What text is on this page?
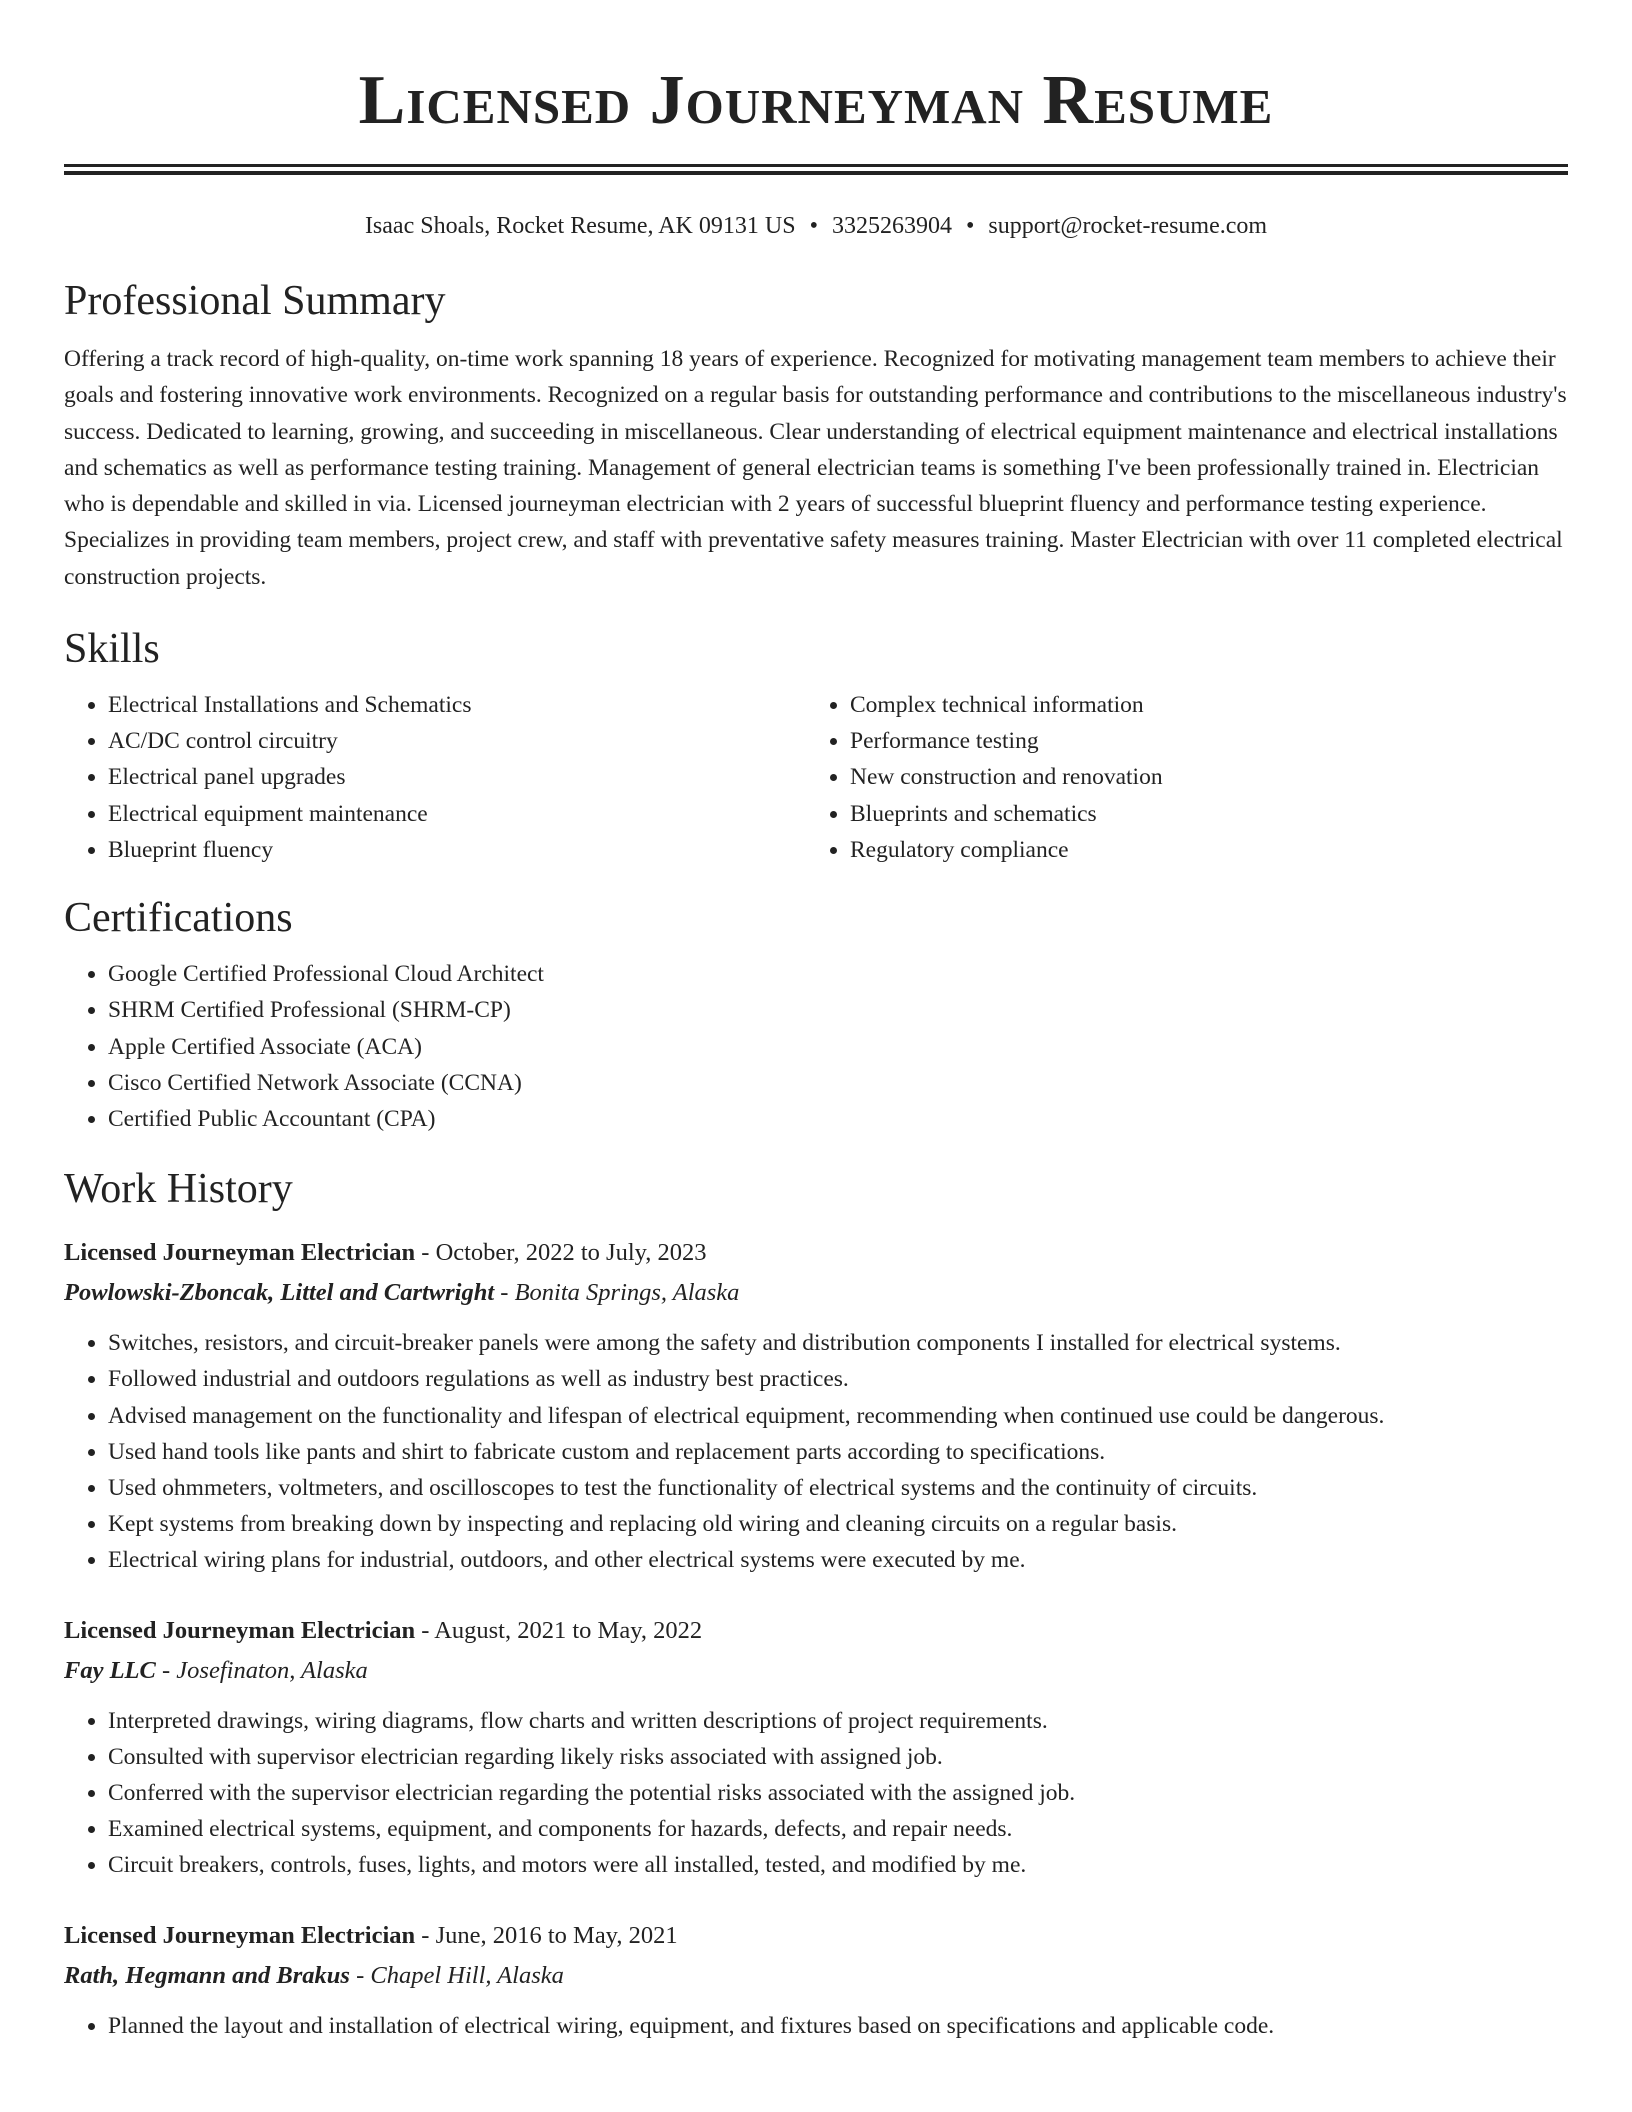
Licensed Journeyman Resume
Isaac Shoals, Rocket Resume, AK 09131 US • 3325263904 • support@rocket-resume.com
Professional Summary
Offering a track record of high-quality, on-time work spanning 18 years of experience. Recognized for motivating management team members to achieve their goals and fostering innovative work environments. Recognized on a regular basis for outstanding performance and contributions to the miscellaneous industry's success. Dedicated to learning, growing, and succeeding in miscellaneous. Clear understanding of electrical equipment maintenance and electrical installations and schematics as well as performance testing training. Management of general electrician teams is something I've been professionally trained in. Electrician who is dependable and skilled in via. Licensed journeyman electrician with 2 years of successful blueprint fluency and performance testing experience. Specializes in providing team members, project crew, and staff with preventative safety measures training. Master Electrician with over 11 completed electrical construction projects.
Skills
• Electrical Installations and Schematics
• AC/DC control circuitry
• Electrical panel upgrades
• Electrical equipment maintenance
• Blueprint fluency
• Complex technical information
• Performance testing
• New construction and renovation
• Blueprints and schematics
• Regulatory compliance
Certifications
• Google Certified Professional Cloud Architect
• SHRM Certified Professional (SHRM-CP)
• Apple Certified Associate (ACA)
• Cisco Certified Network Associate (CCNA)
• Certified Public Accountant (CPA)
Work History
Licensed Journeyman Electrician - October, 2022 to July, 2023
Powlowski-Zboncak, Littel and Cartwright - Bonita Springs, Alaska
• Switches, resistors, and circuit-breaker panels were among the safety and distribution components I installed for electrical systems.
• Followed industrial and outdoors regulations as well as industry best practices.
• Advised management on the functionality and lifespan of electrical equipment, recommending when continued use could be dangerous.
• Used hand tools like pants and shirt to fabricate custom and replacement parts according to specifications.
• Used ohmmeters, voltmeters, and oscilloscopes to test the functionality of electrical systems and the continuity of circuits.
• Kept systems from breaking down by inspecting and replacing old wiring and cleaning circuits on a regular basis.
• Electrical wiring plans for industrial, outdoors, and other electrical systems were executed by me.
Licensed Journeyman Electrician - August, 2021 to May, 2022
Fay LLC - Josefinaton, Alaska
• Interpreted drawings, wiring diagrams, flow charts and written descriptions of project requirements.
• Consulted with supervisor electrician regarding likely risks associated with assigned job.
• Conferred with the supervisor electrician regarding the potential risks associated with the assigned job.
• Examined electrical systems, equipment, and components for hazards, defects, and repair needs.
• Circuit breakers, controls, fuses, lights, and motors were all installed, tested, and modified by me.
Licensed Journeyman Electrician - June, 2016 to May, 2021
Rath, Hegmann and Brakus - Chapel Hill, Alaska
• Planned the layout and installation of electrical wiring, equipment, and fixtures based on specifications and applicable code.
